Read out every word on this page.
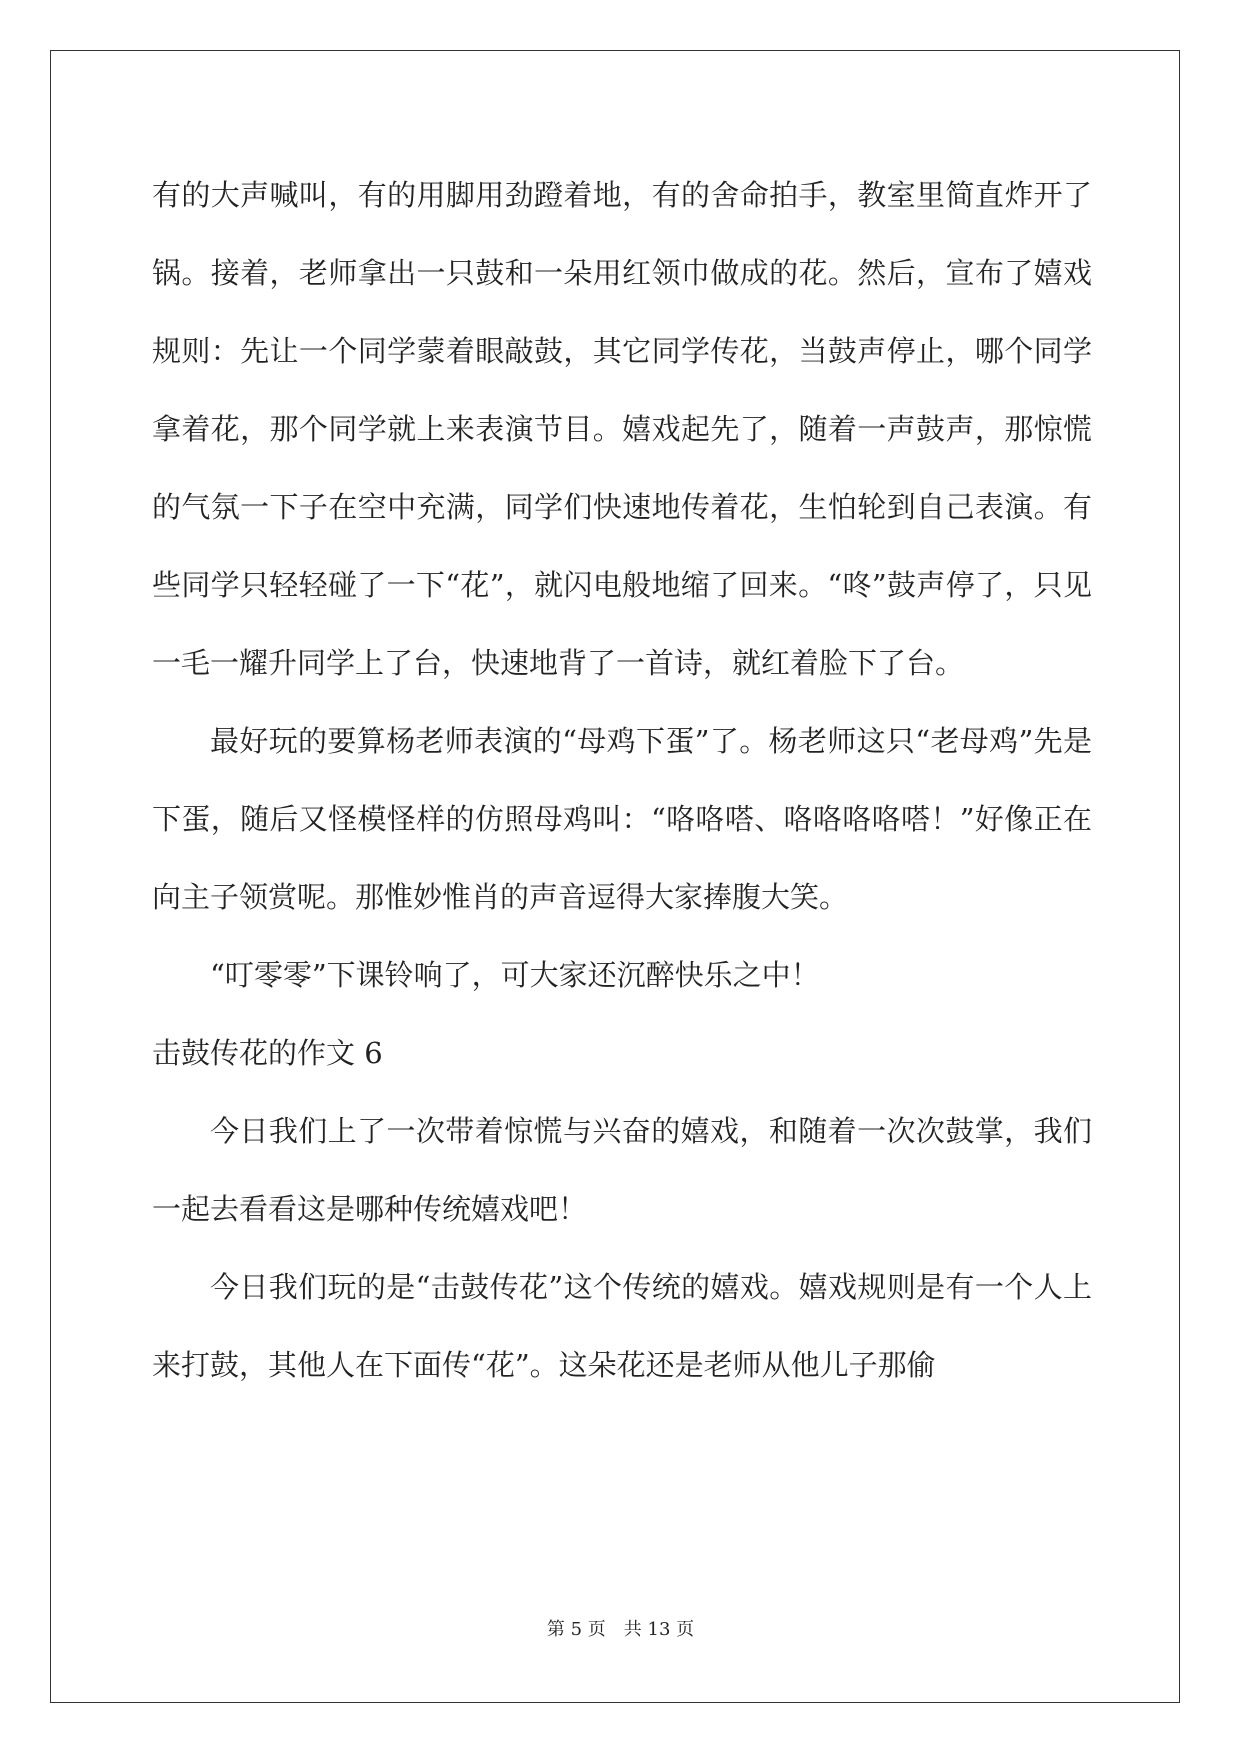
有的大声喊叫，有的用脚用劲蹬着地，有的舍命拍手，教室里简直炸开了锅。接着，老师拿出一只鼓和一朵用红领巾做成的花。然后，宣布了嬉戏规则：先让一个同学蒙着眼敲鼓，其它同学传花，当鼓声停止，哪个同学拿着花，那个同学就上来表演节目。嬉戏起先了，随着一声鼓声，那惊慌的气氛一下子在空中充满，同学们快速地传着花，生怕轮到自己表演。有些同学只轻轻碰了一下“花”，就闪电般地缩了回来。“咚”鼓声停了，只见一毛一耀升同学上了台，快速地背了一首诗，就红着脸下了台。

最好玩的要算杨老师表演的“母鸡下蛋”了。杨老师这只“老母鸡”先是下蛋，随后又怪模怪样的仿照母鸡叫：“咯咯嗒、咯咯咯咯嗒！”好像正在向主子领赏呢。那惟妙惟肖的声音逗得大家捧腹大笑。

“叮零零”下课铃响了，可大家还沉醉快乐之中！

击鼓传花的作文 6

今日我们上了一次带着惊慌与兴奋的嬉戏，和随着一次次鼓掌，我们一起去看看这是哪种传统嬉戏吧！

今日我们玩的是“击鼓传花”这个传统的嬉戏。嬉戏规则是有一个人上来打鼓，其他人在下面传“花”。这朵花还是老师从他儿子那偷

第 5 页　共 13 页
